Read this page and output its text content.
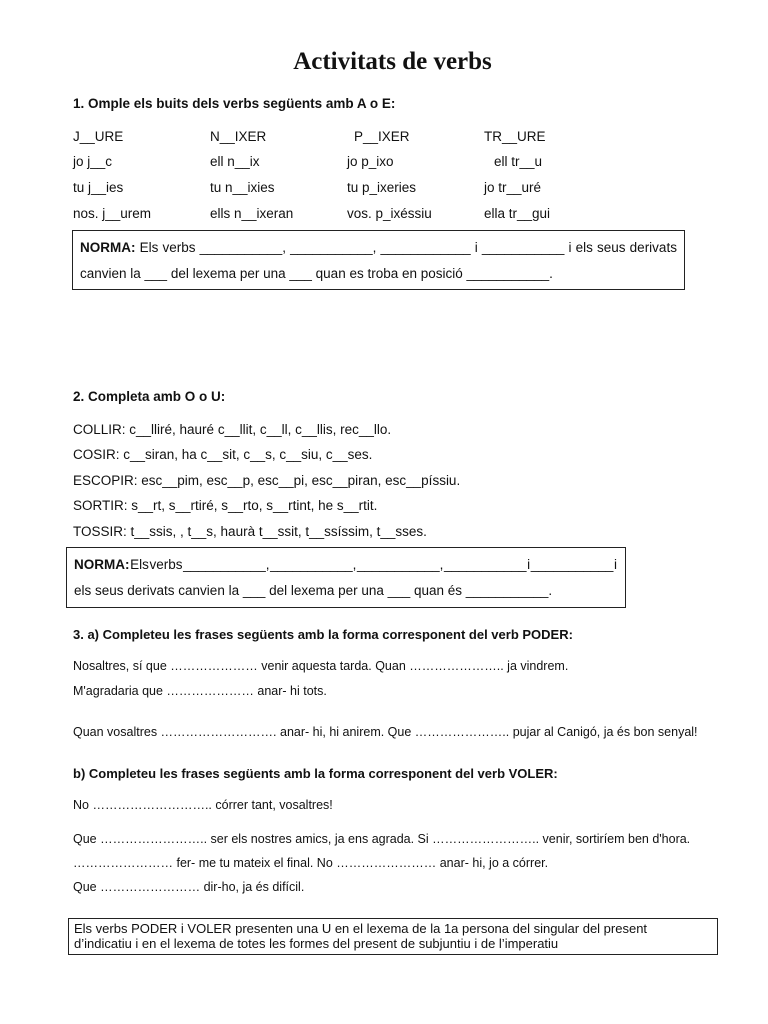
Activitats de verbs
1. Omple els buits dels verbs següents amb A o E:
J__URE	N__IXER	P__IXER	TR__URE
jo j__c	ell n__ix	jo p_ixo	ell tr__u
tu j__ies	tu n__ixies	tu p_ixeries	jo tr__uré
nos. j__urem	ells n__ixeran	vos. p_ixéssiu	ella tr__gui
NORMA: Els verbs ___________, ___________, ____________ i ___________ i els seus derivats
canvien la ___ del lexema per una ___ quan es troba en posició ___________.
2. Completa amb O o U:
COLLIR: c__lliré, hauré c__llit, c__ll, c__llis, rec__llo.
COSIR: c__siran, ha c__sit, c__s, c__siu, c__ses.
ESCOPIR: esc__pim, esc__p, esc__pi, esc__piran, esc__píssiu.
SORTIR: s__rt, s__rtiré, s__rto, s__rtint, he s__rtit.
TOSSIR: t__ssis, , t__s, haurà t__ssit, t__ssíssim, t__sses.
NORMA: Els verbs ___________, ___________, ___________, ___________ i ___________ i
els seus derivats canvien la ___ del lexema per una ___ quan és ___________.
3. a) Completeu les frases següents amb la forma corresponent del verb PODER:
Nosaltres, sí que ………………… venir aquesta tarda. Quan ………………….. ja vindrem.
M'agradaria que ………………… anar- hi tots.
Quan vosaltres ………………………. anar- hi, hi anirem. Que ………………….. pujar al Canigó, ja és bon senyal!
b) Completeu les frases següents amb la forma corresponent del verb VOLER:
No ……………………….. córrer tant, vosaltres!
Que …………………….. ser els nostres amics, ja ens agrada. Si …………………….. venir, sortiríem ben d'hora.
…………………… fer- me tu mateix el final. No …………………… anar- hi, jo a córrer.
Que …………………… dir-ho, ja és difícil.
Els verbs PODER i VOLER presenten una U en el lexema de la 1a persona del singular del present
d’indicatiu i en el lexema de totes les formes del present de subjuntiu i de l’imperatiu
